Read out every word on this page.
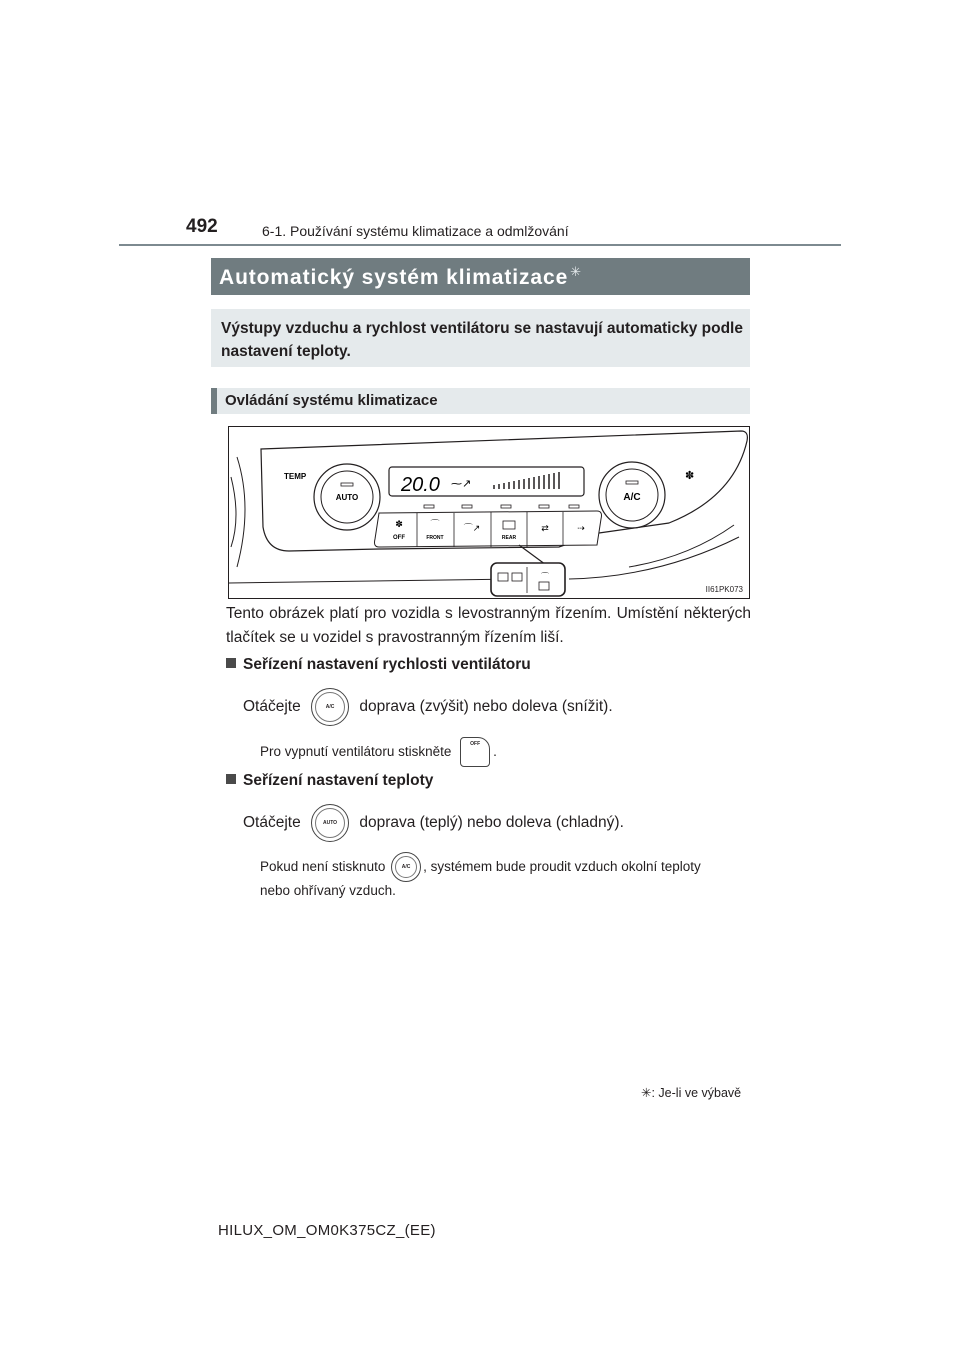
492	6-1. Používání systému klimatizace a odmlžování
Automatický systém klimatizace ✳
Výstupy vzduchu a rychlost ventilátoru se nastavují automaticky podle nastavení teploty.
Ovládání systému klimatizace
TEMP
AUTO	A/C
✽
20.0 ⁓↗
✽
OFF
⌒
FRONT
⌒↗
REAR
⇄	⇢
⌒
II61PK073
Tento obrázek platí pro vozidla s levostranným řízením. Umístění některých tlačítek se u vozidel s pravostranným řízením liší.
Seřízení nastavení rychlosti ventilátoru
Otáčejte	A/C	doprava (zvýšit) nebo doleva (snížit).
Pro vypnutí ventilátoru stiskněte	OFF .
Seřízení nastavení teploty
Otáčejte	AUTO	doprava (teplý) nebo doleva (chladný).
Pokud není stisknuto	A/C , systémem bude proudit vzduch okolní teploty
nebo ohřívaný vzduch.
✳: Je-li ve výbavě
HILUX_OM_OM0K375CZ_(EE)
